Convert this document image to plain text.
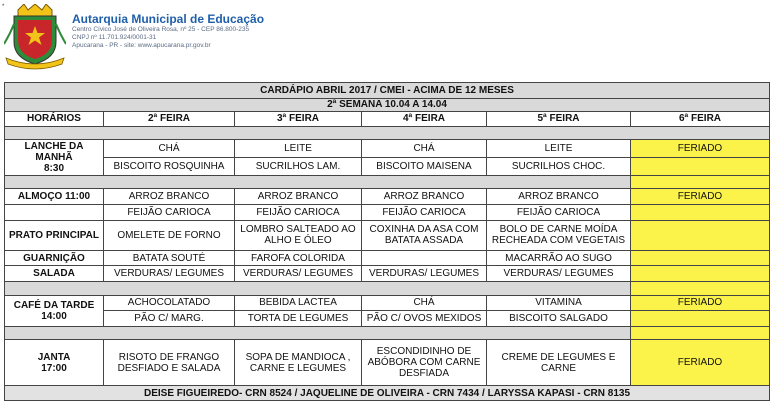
*
Autarquia Municipal de Educação
Centro Cívico José de Oliveira Rosa, nº 25 - CEP 86.800-235
CNPJ nº 11.701.924/0001-31
Apucarana - PR - site: www.apucarana.pr.gov.br
CARDÁPIO ABRIL 2017 / CMEI - ACIMA DE 12 MESES					
2ª SEMANA 10.04 A 14.04					
HORÁRIOS	2ª FEIRA	3ª FEIRA	4ª FEIRA	5ª FEIRA	6ª FEIRA

LANCHE DA MANHÃ
8:30	CHÁ	LEITE	CHÁ	LEITE	FERIADO
	BISCOITO ROSQUINHA	SUCRILHOS LAM.	BISCOITO MAISENA	SUCRILHOS CHOC.	

ALMOÇO 11:00	ARROZ BRANCO	ARROZ BRANCO	ARROZ BRANCO	ARROZ BRANCO	FERIADO
	FEIJÃO CARIOCA	FEIJÃO CARIOCA	FEIJÃO CARIOCA	FEIJÃO CARIOCA	
PRATO PRINCIPAL	OMELETE DE FORNO	LOMBRO SALTEADO AO ALHO E ÓLEO	COXINHA DA ASA COM BATATA ASSADA	BOLO DE CARNE MOÍDA RECHEADA COM VEGETAIS	
GUARNIÇÃO	BATATA SOUTÉ	FAROFA COLORIDA		MACARRÃO AO SUGO	
SALADA	VERDURAS/ LEGUMES	VERDURAS/ LEGUMES	VERDURAS/ LEGUMES	VERDURAS/ LEGUMES	

CAFÉ DA TARDE
14:00	ACHOCOLATADO	BEBIDA LACTEA	CHÁ	VITAMINA	FERIADO
	PÃO C/ MARG.	TORTA DE LEGUMES	PÃO C/ OVOS MEXIDOS	BISCOITO SALGADO	

JANTA
17:00	RISOTO DE FRANGO DESFIADO E SALADA	SOPA DE MANDIOCA , CARNE E LEGUMES	ESCONDIDINHO DE ABÓBORA COM CARNE DESFIADA	CREME DE LEGUMES E CARNE	FERIADO
DEISE FIGUEIREDO- CRN 8524 / JAQUELINE DE OLIVEIRA - CRN 7434 / LARYSSA KAPASI - CRN 8135					
